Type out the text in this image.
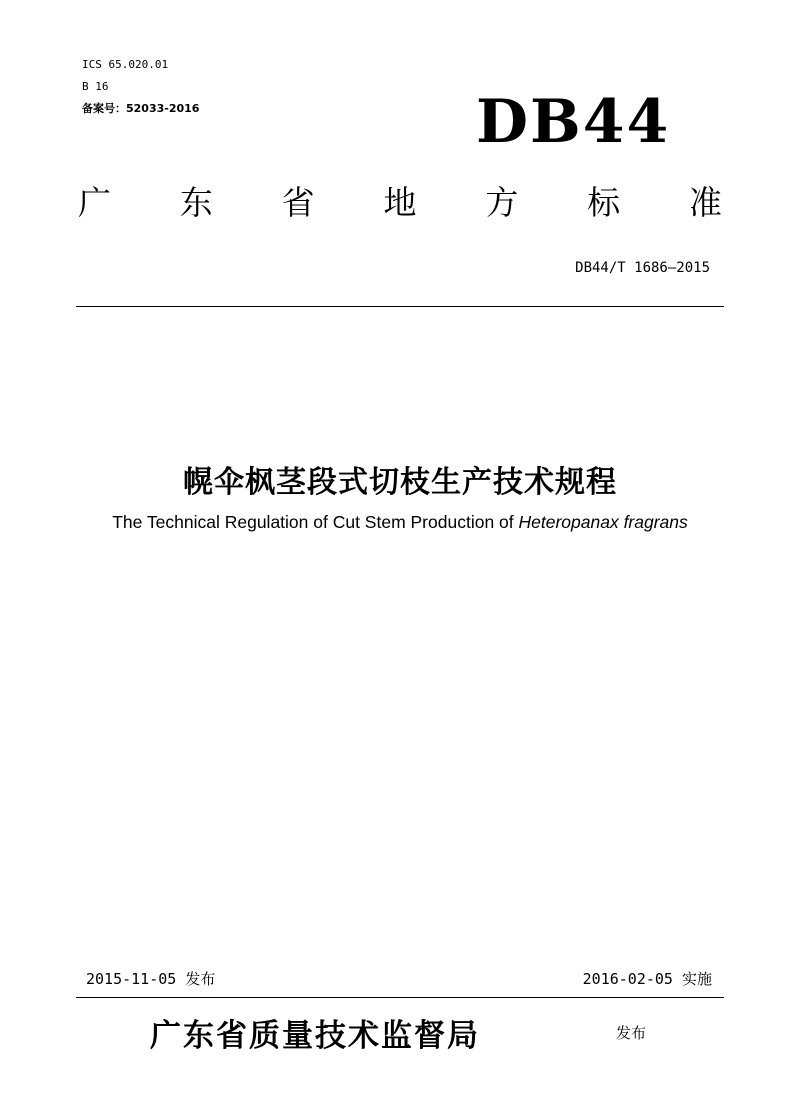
ICS 65.020.01
B 16
备案号：52033-2016	DB44
广 东 省 地 方 标 准
DB44/T 1686—2015
幌伞枫茎段式切枝生产技术规程
The Technical Regulation of Cut Stem Production of Heteropanax fragrans
2015-11-05 发布	2016-02-05 实施
广东省质量技术监督局	发布
